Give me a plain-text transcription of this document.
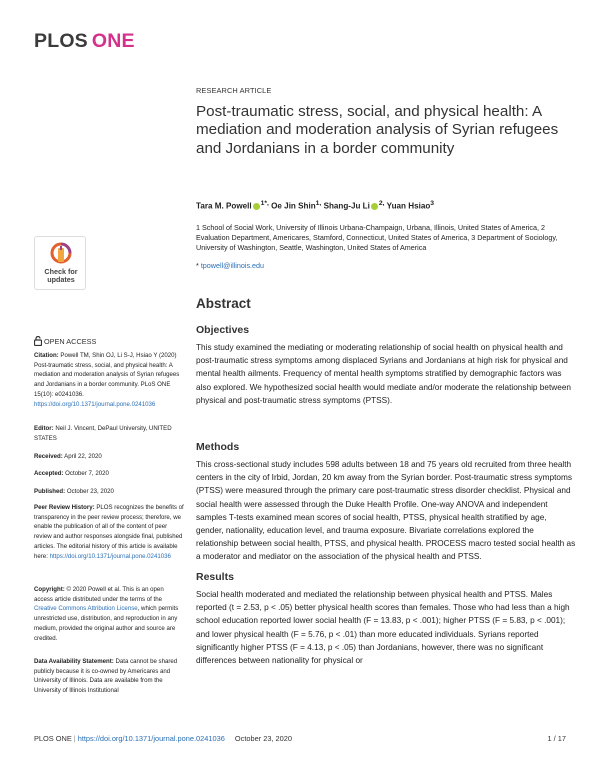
PLOS ONE
RESEARCH ARTICLE
Post-traumatic stress, social, and physical health: A mediation and moderation analysis of Syrian refugees and Jordanians in a border community
Tara M. Powell $^{1*,}$ Oe Jin Shin$^{1,}$ Shang-Ju Li $^{2,}$ Yuan Hsiao$^3$
1 School of Social Work, University of Illinois Urbana-Champaign, Urbana, Illinois, United States of America, 2 Evaluation Department, Americares, Stamford, Connecticut, United States of America, 3 Department of Sociology, University of Washington, Seattle, Washington, United States of America
* tpowell@illinois.edu
Abstract
Objectives

This study examined the mediating or moderating relationship of social health on physical health and post-traumatic stress symptoms among displaced Syrians and Jordanians at high risk for physical and mental health ailments. Frequency of mental health symptoms stratified by demographic factors was also explored. We hypothesized social health would mediate and/or moderate the relationship between physical and post-traumatic stress symptoms (PTSS).

Methods

This cross-sectional study includes 598 adults between 18 and 75 years old recruited from three health centers in the city of Irbid, Jordan, 20 km away from the Syrian border. Post-traumatic stress symptoms (PTSS) were measured through the primary care post-traumatic stress disorder checklist. Physical and social health were assessed through the Duke Health Profile. One-way ANOVA and independent samples T-tests examined mean scores of social health, PTSS, physical health stratified by age, gender, nationality, education level, and trauma exposure. Bivariate correlations explored the relationship between social health, PTSS, and physical health. PROCESS macro tested social health as a moderator and mediator on the association of the physical health and PTSS.

Results

Social health moderated and mediated the relationship between physical health and PTSS. Males reported (t = 2.53, p < .05) better physical health scores than females. Those who had less than a high school education reported lower social health (F = 13.83, p < .001); higher PTSS (F = 5.83, p < .001); and lower physical health (F = 5.76, p < .01) than more educated individuals. Syrians reported significantly higher PTSS (F = 4.13, p < .05) than Jordanians, however, there was no significant differences between nationality for physical or

Check for updates
OPEN ACCESS
Citation: Powell TM, Shin OJ, Li S-J, Hsiao Y (2020) Post-traumatic stress, social, and physical health: A mediation and moderation analysis of Syrian refugees and Jordanians in a border community. PLoS ONE 15(10): e0241036. https://doi.org/10.1371/journal.pone.0241036
Editor: Neil J. Vincent, DePaul University, UNITED STATES
Received: April 22, 2020
Accepted: October 7, 2020
Published: October 23, 2020
Peer Review History: PLOS recognizes the benefits of transparency in the peer review process; therefore, we enable the publication of all of the content of peer review and author responses alongside final, published articles. The editorial history of this article is available here: https://doi.org/10.1371/journal.pone.0241036
Copyright: © 2020 Powell et al. This is an open access article distributed under the terms of the Creative Commons Attribution License, which permits unrestricted use, distribution, and reproduction in any medium, provided the original author and source are credited.
Data Availability Statement: Data cannot be shared publicly because it is co-owned by Americares and University of Illinois. Data are available from the University of Illinois Institutional
PLOS ONE | https://doi.org/10.1371/journal.pone.0241036 October 23, 2020	1 / 17
